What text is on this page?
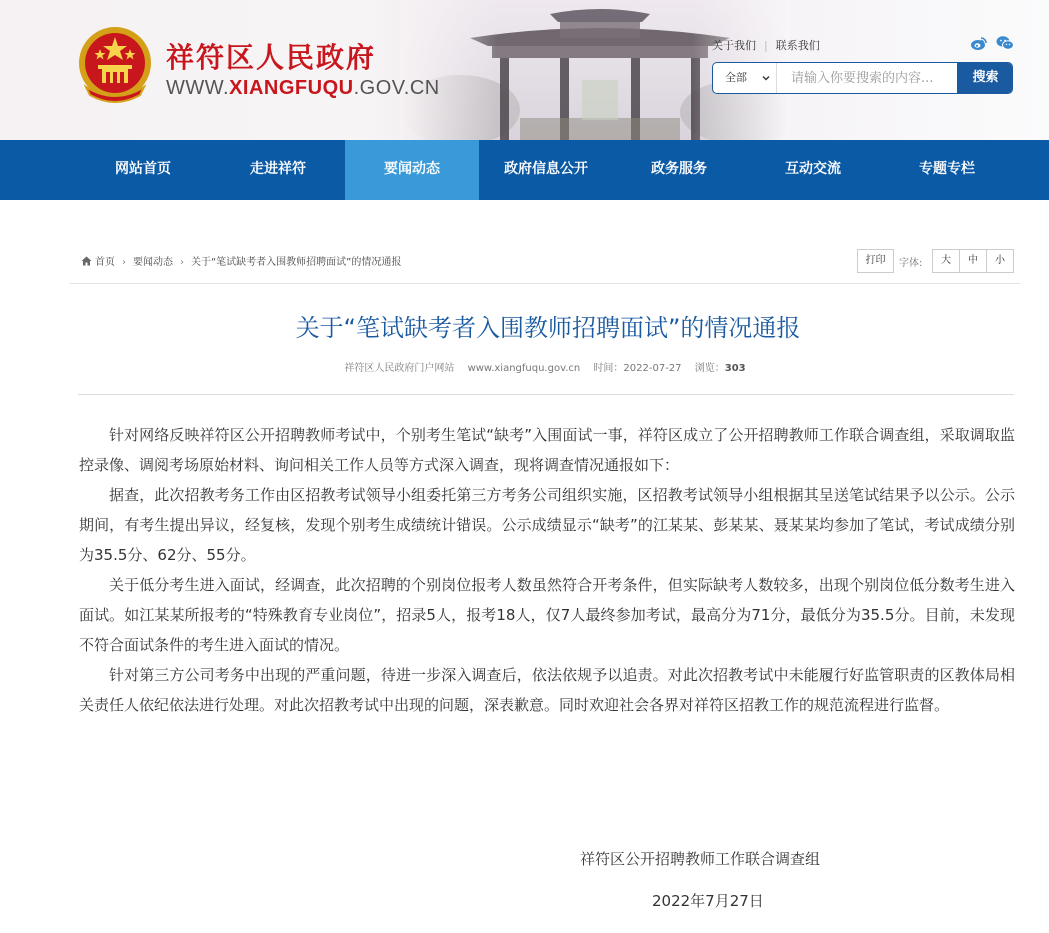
祥符区人民政府
WWW.XIANGFUQU.GOV.CN
关于我们 | 联系我们
全部
请输入你要搜索的内容...	搜索
网站首页	走进祥符	要闻动态	政府信息公开	政务服务	互动交流	专题专栏
首页 › 要闻动态 › 关于“笔试缺考者入围教师招聘面试”的情况通报	打印	字体:	大	中	小
关于“笔试缺考者入围教师招聘面试”的情况通报
祥符区人民政府门户网站 www.xiangfuqu.gov.cn 时间：2022-07-27 浏览：303

针对网络反映祥符区公开招聘教师考试中，个别考生笔试“缺考”入围面试一事，祥符区成立了公开招聘教师工作联合调查组，采取调取监控录像、调阅考场原始材料、询问相关工作人员等方式深入调查，现将调查情况通报如下：

据查，此次招教考务工作由区招教考试领导小组委托第三方考务公司组织实施，区招教考试领导小组根据其呈送笔试结果予以公示。公示期间，有考生提出异议，经复核，发现个别考生成绩统计错误。公示成绩显示“缺考”的江某某、彭某某、聂某某均参加了笔试，考试成绩分别为35.5分、62分、55分。

关于低分考生进入面试，经调查，此次招聘的个别岗位报考人数虽然符合开考条件，但实际缺考人数较多，出现个别岗位低分数考生进入面试。如江某某所报考的“特殊教育专业岗位”，招录5人，报考18人，仅7人最终参加考试，最高分为71分，最低分为35.5分。目前，未发现不符合面试条件的考生进入面试的情况。

针对第三方公司考务中出现的严重问题，待进一步深入调查后，依法依规予以追责。对此次招教考试中未能履行好监管职责的区教体局相关责任人依纪依法进行处理。对此次招教考试中出现的问题，深表歉意。同时欢迎社会各界对祥符区招教工作的规范流程进行监督。

祥符区公开招聘教师工作联合调查组
2022年7月27日
